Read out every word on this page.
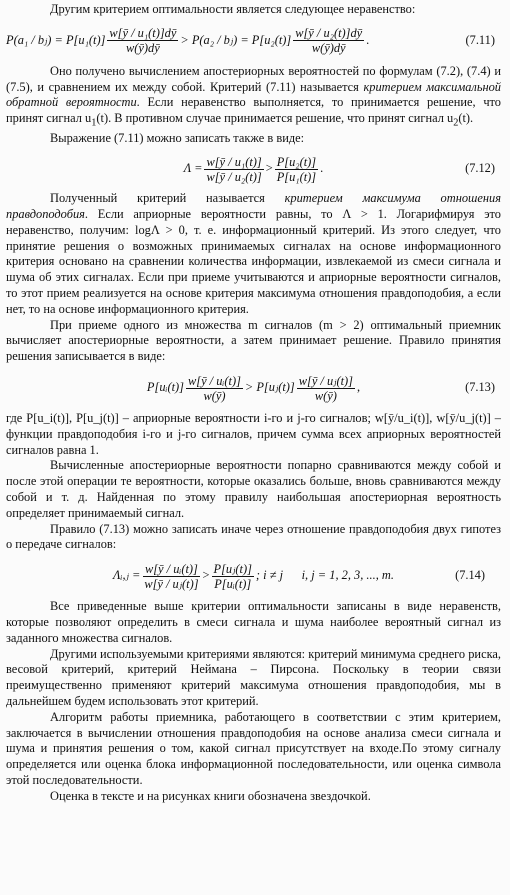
Другим критерием оптимальности является следующее неравенство:

P(a₁ / bⱼ) = $P[u_1(t)] \frac{\text{w[ȳ / u₁(t)]dȳ}}{w(ȳ)dȳ} > P(a_2$ / bⱼ) = $P[u_2(t)] \frac{\text{w[ȳ / u₂(t)]dȳ}}{w(ȳ)dȳ}$ .	(7.11)

Оно получено вычислением апостериорных вероятностей по формулам (7.2), (7.4) и (7.5), и сравнением их между собой. Критерий (7.11) называется критерием максимальной обратной вероятности. Если неравенство выполняется, то принимается решение, что принят сигнал $u_1(t)$. В противном случае принимается решение, что принят сигнал $u_2(t)$.

Выражение (7.11) можно записать также в виде:

$\Lambda = \frac{\text{w[ȳ / u₁(t)]}}{\text{w[ȳ / u₂(t)]}} > \frac{\text{P[u₂(t)]}}{\text{P[u₁(t)]}}$ .	(7.12)

Полученный критерий называется критерием максимума отношения правдоподобия. Если априорные вероятности равны, то Λ > 1. Логарифмируя это неравенство, получим: logΛ > 0, т. е. информационный критерий. Из этого следует, что принятие решения о возможных принимаемых сигналах на основе информационного критерия основано на сравнении количества информации, извлекаемой из смеси сигнала и шума об этих сигналах. Если при приеме учитываются и априорные вероятности сигналов, то этот прием реализуется на основе критерия максимума отношения правдоподобия, а если нет, то на основе информационного критерия.

При приеме одного из множества m сигналов (m > 2) оптимальный приемник вычисляет апостериорные вероятности, а затем принимает решение. Правило принятия решения записывается в виде:

P[uᵢ(t)] $\frac{\text{w[ȳ / uᵢ(t)]}}{w(ȳ)}$ > P[uⱼ(t)] $\frac{\text{w[ȳ / uⱼ(t)]}}{w(ȳ)}$ ,	(7.13)

где P[u_i(t)], P[u_j(t)] – априорные вероятности i-го и j-го сигналов; w[ȳ/u_i(t)], w[ȳ/u_j(t)] – функции правдоподобия i-го и j-го сигналов, причем сумма всех априорных вероятностей сигналов равна 1.

Вычисленные апостериорные вероятности попарно сравниваются между собой и после этой операции те вероятности, которые оказались больше, вновь сравниваются между собой и т. д. Найденная по этому правилу наибольшая апостериорная вероятность определяет принимаемый сигнал.

Правило (7.13) можно записать иначе через отношение правдоподобия двух гипотез о передаче сигналов:

Λᵢ,ⱼ = $\frac{\text{w[ȳ / uᵢ(t)]}}{\text{w[ȳ / uⱼ(t)]}} > \frac{\text{P[uⱼ(t)]}}{\text{P[uᵢ(t)]}}$ ; i ≠ j      i, j = 1, 2, 3, ..., m.	(7.14)

Все приведенные выше критерии оптимальности записаны в виде неравенств, которые позволяют определить в смеси сигнала и шума наиболее вероятный сигнал из заданного множества сигналов.

Другими используемыми критериями являются: критерий минимума среднего риска, весовой критерий, критерий Неймана – Пирсона. Поскольку в теории связи преимущественно применяют критерий максимума отношения правдоподобия, мы в дальнейшем будем использовать этот критерий.

Алгоритм работы приемника, работающего в соответствии с этим критерием, заключается в вычислении отношения правдоподобия на основе анализа смеси сигнала и шума и принятия решения о том, какой сигнал присутствует на входе.По этому сигналу определяется или оценка блока информационной последовательности, или оценка символа этой последовательности.

Оценка в тексте и на рисунках книги обозначена звездочкой.
